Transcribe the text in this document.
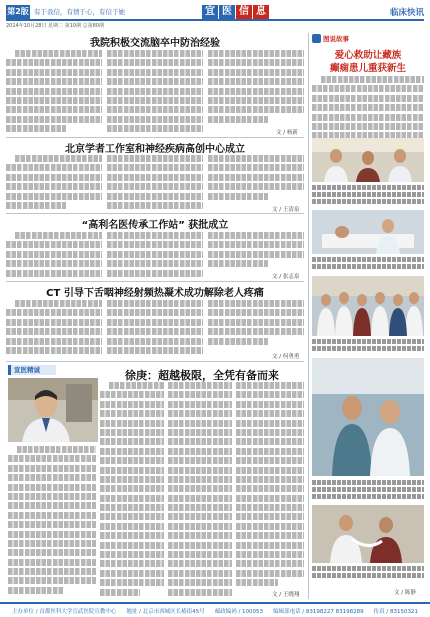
第2版 有于我信，有情于心，有信于她	宜 医 信 息	临床快讯
2014年10月28日 星期二 第10期 总第80期
我院积极交流脑卒中防治经验
文 / 杨新
北京学者工作室和神经疾病高创中心成立
文 / 王清泉
“高利名医传承工作站” 获批成立
文 / 张志泉
CT 引导下舌咽神经射频热凝术成功解除老人疼痛
文 / 何勇勇
宣医精诚	徐庚：超越极限，全凭有备而来
文 / 王晓翔
图说故事
爱心救助让藏族
癫痫患儿重获新生
文 / 陈静
主办单位 / 首都医科大学宣武医院宣教中心 地址 / 北京市西城区长椿街45号 邮政编码 / 100053 编辑部电话 / 83198227 83198289 传真 / 83150321
